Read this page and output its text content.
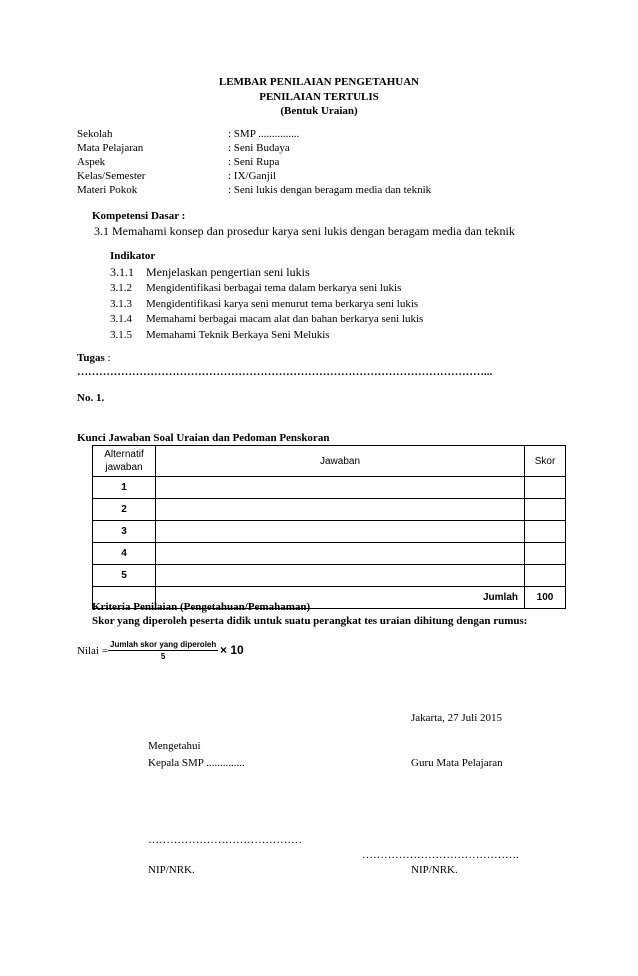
LEMBAR PENILAIAN PENGETAHUAN
PENILAIAN TERTULIS
(Bentuk Uraian)
Sekolah	: SMP ...............
Mata Pelajaran	: Seni Budaya
Aspek	: Seni Rupa
Kelas/Semester	: IX/Ganjil
Materi Pokok	: Seni lukis dengan beragam media dan teknik
Kompetensi Dasar :
3.1 Memahami konsep dan prosedur karya seni lukis dengan beragam media dan teknik
Indikator
3.1.1 Menjelaskan pengertian seni lukis
3.1.2 Mengidentifikasi berbagai tema dalam berkarya seni lukis
3.1.3 Mengidentifikasi karya seni menurut tema berkarya seni lukis
3.1.4 Memahami berbagai macam alat dan bahan berkarya seni lukis
3.1.5 Memahami Teknik Berkaya Seni Melukis
Tugas :
…………………………………………………………………………………………………...
No. 1.
Kunci Jawaban Soal Uraian dan Pedoman Penskoran
Alternatif
jawaban	Jawaban	Skor
1		
2		
3		
4		
5		
	Jumlah	100
Kriteria Penilaian (Pengetahuan/Pemahaman)
Skor yang diperoleh peserta didik untuk suatu perangkat tes uraian dihitung dengan rumus:
Nilai =
Jumlah skor yang diperoleh
5	× 10
Jakarta, 27 Juli 2015
Mengetahui
Kepala SMP ..............	Guru Mata Pelajaran
……………………………………
…………………………………….
NIP/NRK.	NIP/NRK.
